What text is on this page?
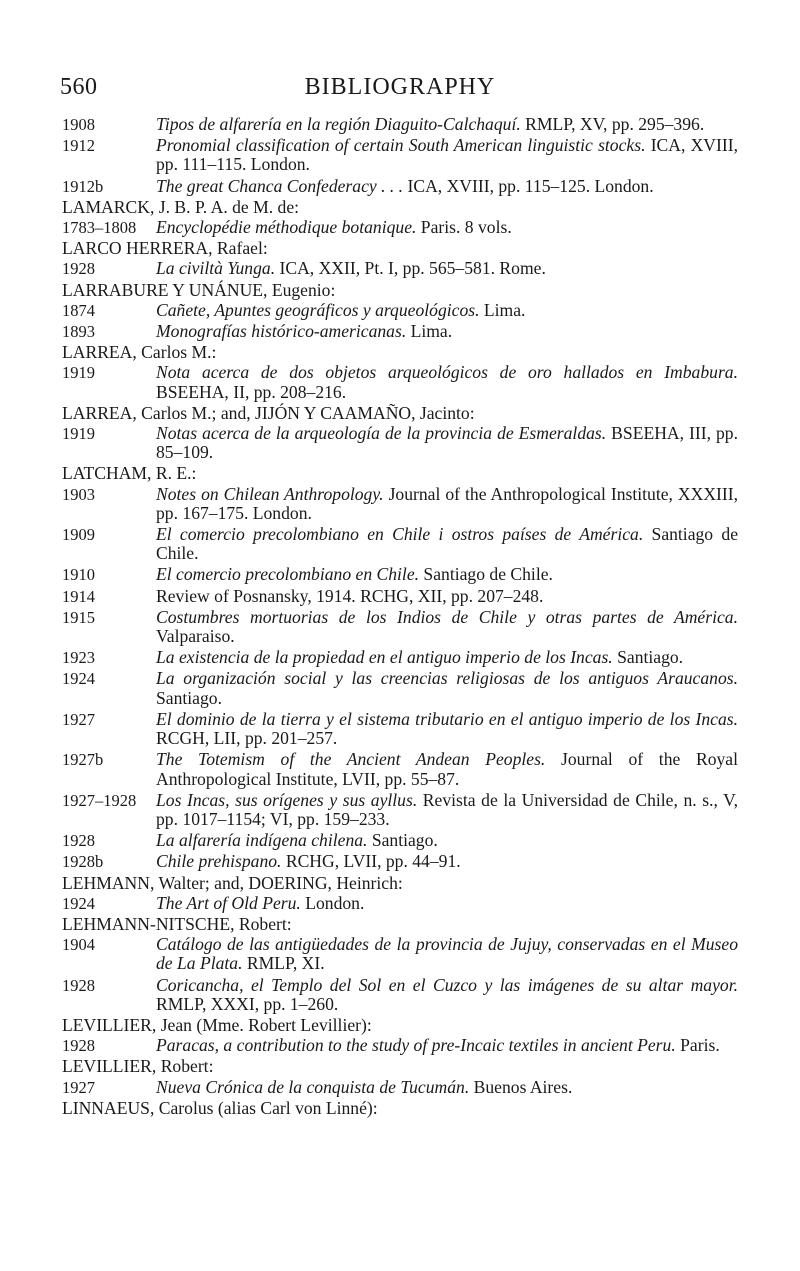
560	BIBLIOGRAPHY
1908	Tipos de alfarería en la región Diaguito-Calchaquí. RMLP, XV, pp. 295–396.
1912	Pronomial classification of certain South American linguistic stocks. ICA, XVIII, pp. 111–115. London.
1912b	The great Chanca Confederacy . . . ICA, XVIII, pp. 115–125. London.
LAMARCK, J. B. P. A. de M. de:
1783–1808	Encyclopédie méthodique botanique. Paris. 8 vols.
LARCO HERRERA, Rafael:
1928	La civiltà Yunga. ICA, XXII, Pt. I, pp. 565–581. Rome.
LARRABURE Y UNÁNUE, Eugenio:
1874	Cañete, Apuntes geográficos y arqueológicos. Lima.
1893	Monografías histórico-americanas. Lima.
LARREA, Carlos M.:
1919	Nota acerca de dos objetos arqueológicos de oro hallados en Imbabura. BSEEHA, II, pp. 208–216.
LARREA, Carlos M.; and, JIJÓN Y CAAMAÑO, Jacinto:
1919	Notas acerca de la arqueología de la provincia de Esmeraldas. BSEEHA, III, pp. 85–109.
LATCHAM, R. E.:
1903	Notes on Chilean Anthropology. Journal of the Anthropological Institute, XXXIII, pp. 167–175. London.
1909	El comercio precolombiano en Chile i ostros países de América. Santiago de Chile.
1910	El comercio precolombiano en Chile. Santiago de Chile.
1914	Review of Posnansky, 1914. RCHG, XII, pp. 207–248.
1915	Costumbres mortuorias de los Indios de Chile y otras partes de América. Valparaiso.
1923	La existencia de la propiedad en el antiguo imperio de los Incas. Santiago.
1924	La organización social y las creencias religiosas de los antiguos Araucanos. Santiago.
1927	El dominio de la tierra y el sistema tributario en el antiguo imperio de los Incas. RCGH, LII, pp. 201–257.
1927b	The Totemism of the Ancient Andean Peoples. Journal of the Royal Anthropological Institute, LVII, pp. 55–87.
1927–1928	Los Incas, sus orígenes y sus ayllus. Revista de la Universidad de Chile, n. s., V, pp. 1017–1154; VI, pp. 159–233.
1928	La alfarería indígena chilena. Santiago.
1928b	Chile prehispano. RCHG, LVII, pp. 44–91.
LEHMANN, Walter; and, DOERING, Heinrich:
1924	The Art of Old Peru. London.
LEHMANN-NITSCHE, Robert:
1904	Catálogo de las antigüedades de la provincia de Jujuy, conservadas en el Museo de La Plata. RMLP, XI.
1928	Coricancha, el Templo del Sol en el Cuzco y las imágenes de su altar mayor. RMLP, XXXI, pp. 1–260.
LEVILLIER, Jean (Mme. Robert Levillier):
1928	Paracas, a contribution to the study of pre-Incaic textiles in ancient Peru. Paris.
LEVILLIER, Robert:
1927	Nueva Crónica de la conquista de Tucumán. Buenos Aires.
LINNAEUS, Carolus (alias Carl von Linné):
